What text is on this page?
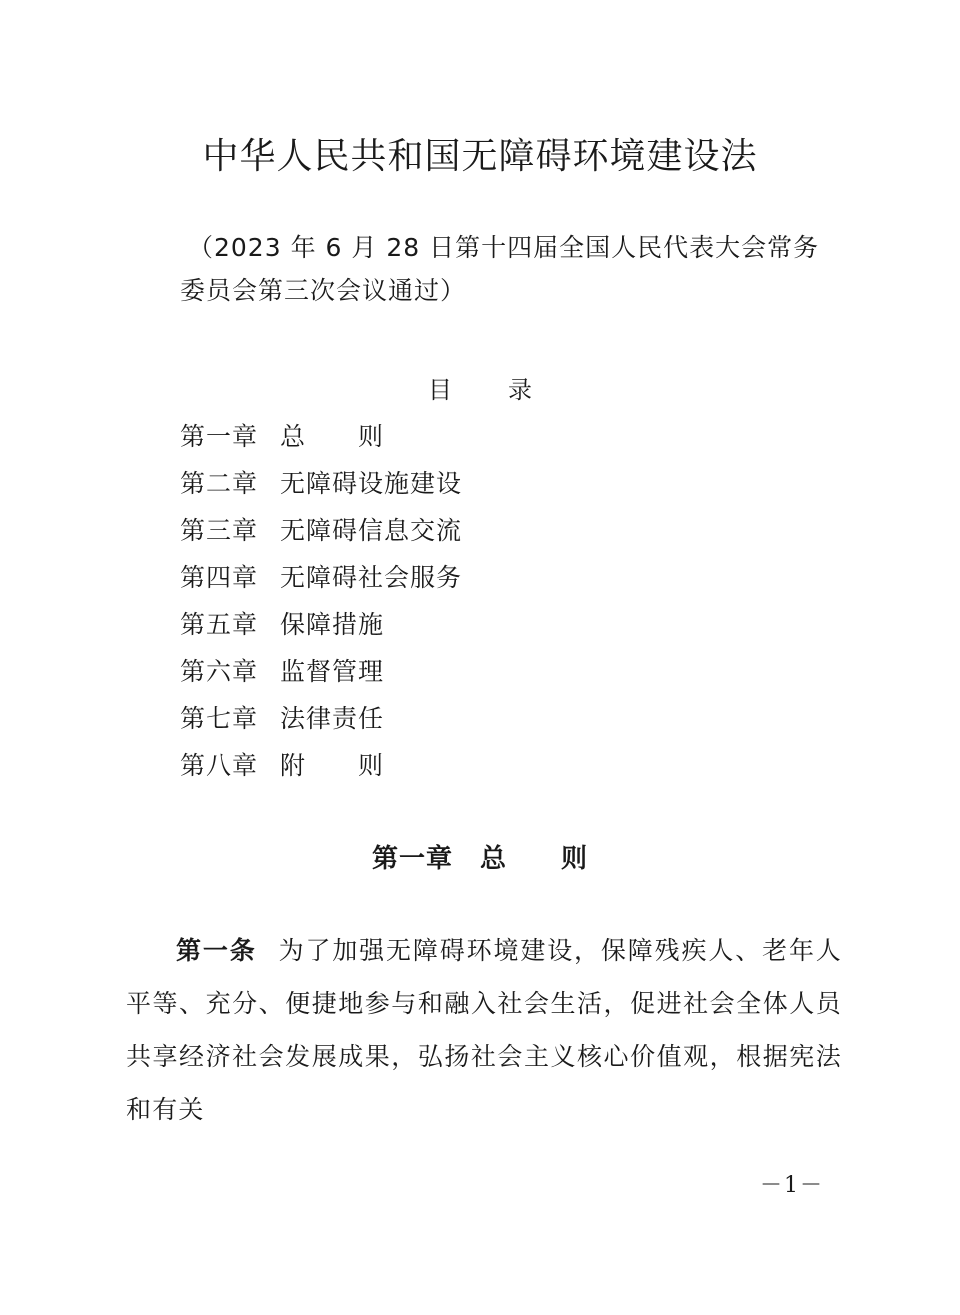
中华人民共和国无障碍环境建设法
（2023 年 6 月 28 日第十四届全国人民代表大会常务委员会第三次会议通过）
目 录
第一章 总　　则
第二章 无障碍设施建设
第三章 无障碍信息交流
第四章 无障碍社会服务
第五章 保障措施
第六章 监督管理
第七章 法律责任
第八章 附　　则
第一章　总　　则

第一条 为了加强无障碍环境建设，保障残疾人、老年人平等、充分、便捷地参与和融入社会生活，促进社会全体人员共享经济社会发展成果，弘扬社会主义核心价值观，根据宪法和有关

－1－
